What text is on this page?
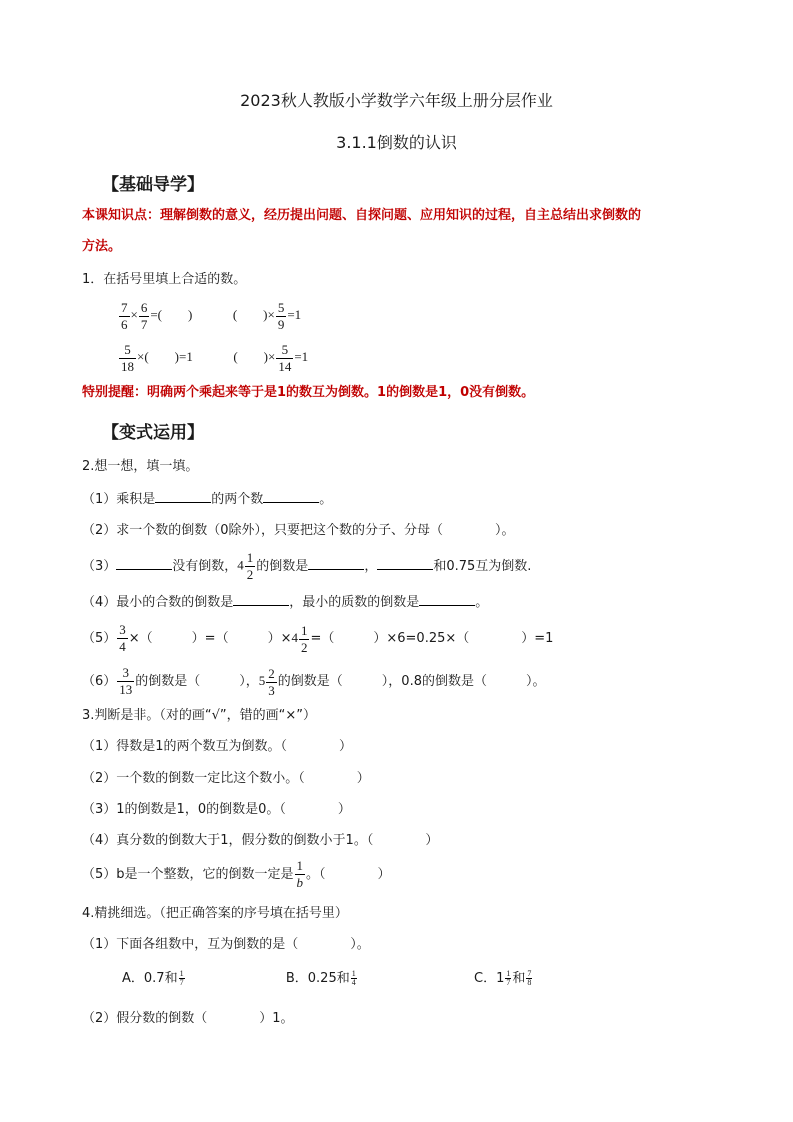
2023秋人教版小学数学六年级上册分层作业
3.1.1倒数的认识
【基础导学】
本课知识点：理解倒数的意义，经历提出问题、自探问题、应用知识的过程，自主总结出求倒数的
方法。
1．在括号里填上合适的数。
$\frac{7}{6} \times \frac{6}{7}$ =(　　)	(　　)× $\frac{5}{9} =1$
$\frac{5}{18}$ ×(　　)=1	(　　)× $\frac{5}{14} =1$
特别提醒：明确两个乘起来等于是1的数互为倒数。1的倒数是1，0没有倒数。
【变式运用】
2.想一想，填一填。
（1）乘积是	的两个数	。
（2）求一个数的倒数（0除外），只要把这个数的分子、分母（　　　　）。
（3）	没有倒数，$4 \frac{1}{2}$ 的倒数是	，	和0.75互为倒数.
（4）最小的合数的倒数是	，最小的质数的倒数是	。
$(5) \frac{3}{4}$ ×（　　　）=（　　　）$\times 4 \frac{1}{2}$ =（　　　）×6=0.25×（　　　　）=1
$(6) \frac{3}{13}$ 的倒数是（　　　），$5 \frac{2}{3}$ 的倒数是（　　　），0.8的倒数是（　　　）。
3.判断是非。（对的画“√”，错的画“×”）
（1）得数是1的两个数互为倒数。（　　　　）
（2）一个数的倒数一定比这个数小。（　　　　）
（3）1的倒数是1，0的倒数是0。（　　　　）
（4）真分数的倒数大于1，假分数的倒数小于1。（　　　　）
（5）b是一个整数，它的倒数一定是 $\frac{1}{b}$ 。（　　　　）
4.精挑细选。（把正确答案的序号填在括号里）
（1）下面各组数中，互为倒数的是（　　　　）。
A．0.7和 $\frac{1}{7}$	B．0.25和 $\frac{1}{4}$	C．$1 \frac{1}{7}$ 和 $\frac{7}{8}$
（2）假分数的倒数（　　　　）1。
